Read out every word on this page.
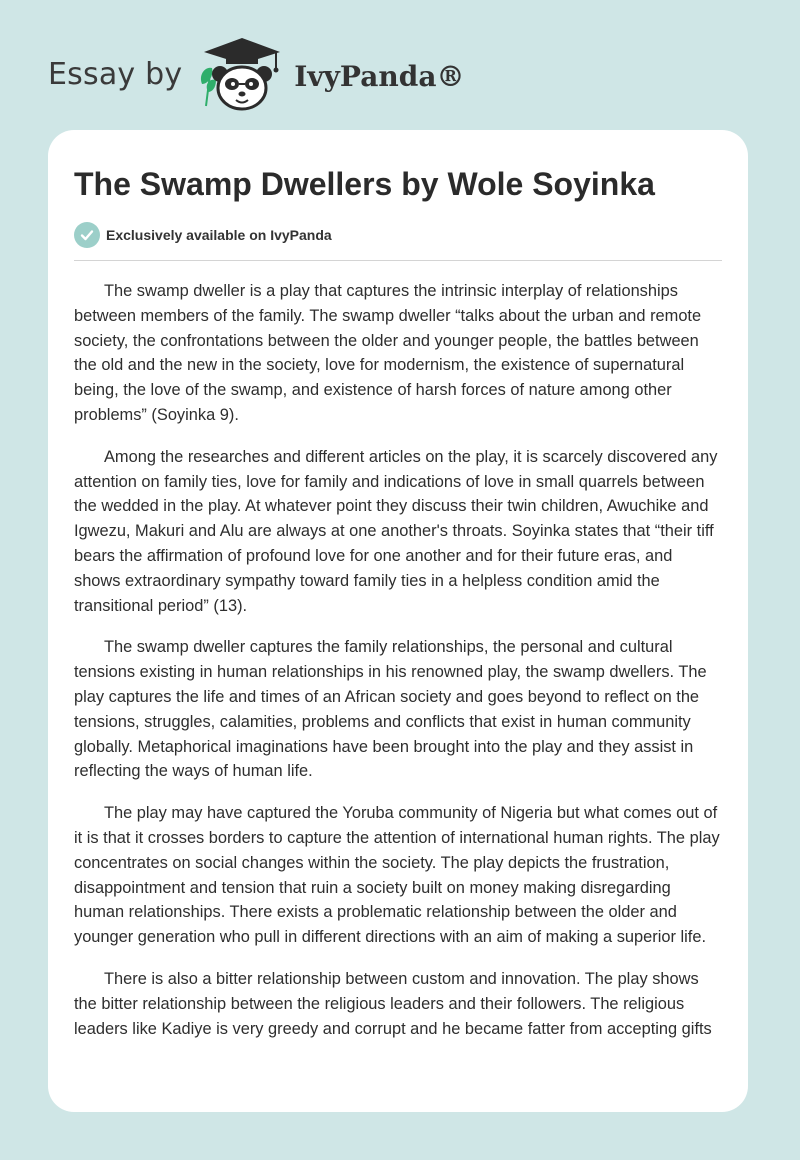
Essay by	IvyPanda®
The Swamp Dwellers by Wole Soyinka
Exclusively available on IvyPanda

The swamp dweller is a play that captures the intrinsic interplay of relationships between members of the family. The swamp dweller “talks about the urban and remote society, the confrontations between the older and younger people, the battles between the old and the new in the society, love for modernism, the existence of supernatural being, the love of the swamp, and existence of harsh forces of nature among other problems” (Soyinka 9).

Among the researches and different articles on the play, it is scarcely discovered any attention on family ties, love for family and indications of love in small quarrels between the wedded in the play. At whatever point they discuss their twin children, Awuchike and Igwezu, Makuri and Alu are always at one another's throats. Soyinka states that “their tiff bears the affirmation of profound love for one another and for their future eras, and shows extraordinary sympathy toward family ties in a helpless condition amid the transitional period” (13).

The swamp dweller captures the family relationships, the personal and cultural tensions existing in human relationships in his renowned play, the swamp dwellers. The play captures the life and times of an African society and goes beyond to reflect on the tensions, struggles, calamities, problems and conflicts that exist in human community globally. Metaphorical imaginations have been brought into the play and they assist in reflecting the ways of human life.

The play may have captured the Yoruba community of Nigeria but what comes out of it is that it crosses borders to capture the attention of international human rights. The play concentrates on social changes within the society. The play depicts the frustration, disappointment and tension that ruin a society built on money making disregarding human relationships. There exists a problematic relationship between the older and younger generation who pull in different directions with an aim of making a superior life.

There is also a bitter relationship between custom and innovation. The play shows the bitter relationship between the religious leaders and their followers. The religious leaders like Kadiye is very greedy and corrupt and he became fatter from accepting gifts
